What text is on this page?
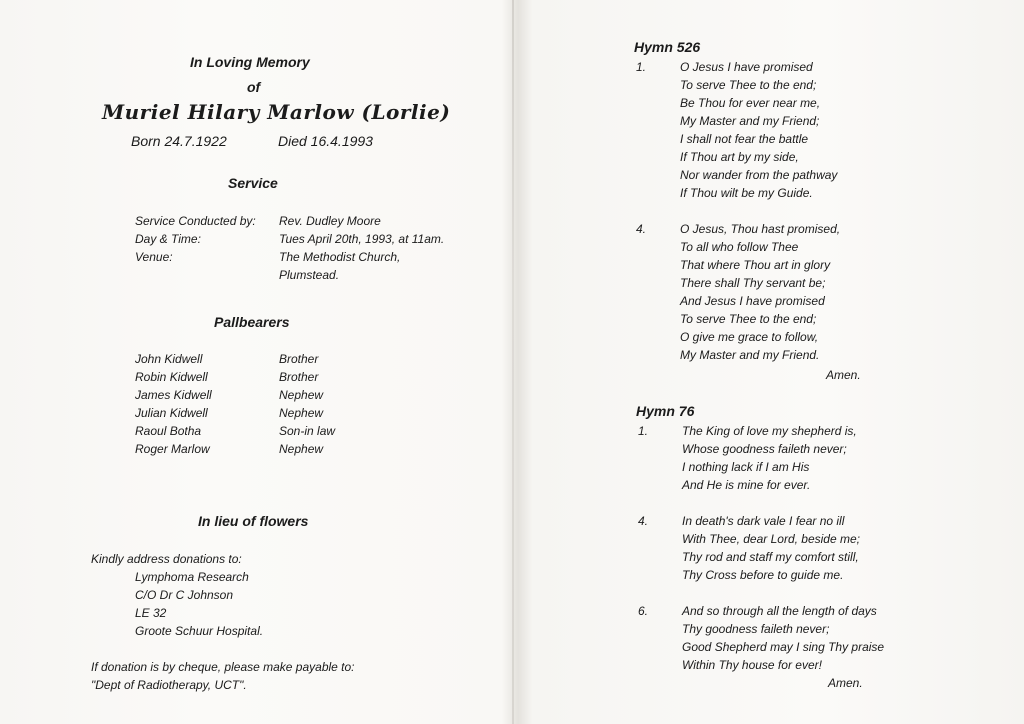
In Loving Memory
of
Muriel Hilary Marlow (Lorlie)
Born 24.7.1922	Died 16.4.1993
Service
Service Conducted by: Rev. Dudley Moore
Day & Time:	Tues April 20th, 1993, at 11am.
Venue:	The Methodist Church,
Plumstead.
Pallbearers
John Kidwell	Brother
Robin Kidwell	Brother
James Kidwell	Nephew
Julian Kidwell	Nephew
Raoul Botha	Son-in law
Roger Marlow	Nephew
In lieu of flowers
Kindly address donations to:
Lymphoma Research
C/O Dr C Johnson
LE 32
Groote Schuur Hospital.
If donation is by cheque, please make payable to:
"Dept of Radiotherapy, UCT".
Hymn 526
1.	O Jesus I have promised
To serve Thee to the end;
Be Thou for ever near me,
My Master and my Friend;
I shall not fear the battle
If Thou art by my side,
Nor wander from the pathway
If Thou wilt be my Guide.
4.	O Jesus, Thou hast promised,
To all who follow Thee
That where Thou art in glory
There shall Thy servant be;
And Jesus I have promised
To serve Thee to the end;
O give me grace to follow,
My Master and my Friend.
Amen.
Hymn 76
1.	The King of love my shepherd is,
Whose goodness faileth never;
I nothing lack if I am His
And He is mine for ever.
4.	In death's dark vale I fear no ill
With Thee, dear Lord, beside me;
Thy rod and staff my comfort still,
Thy Cross before to guide me.
6.	And so through all the length of days
Thy goodness faileth never;
Good Shepherd may I sing Thy praise
Within Thy house for ever!
Amen.
